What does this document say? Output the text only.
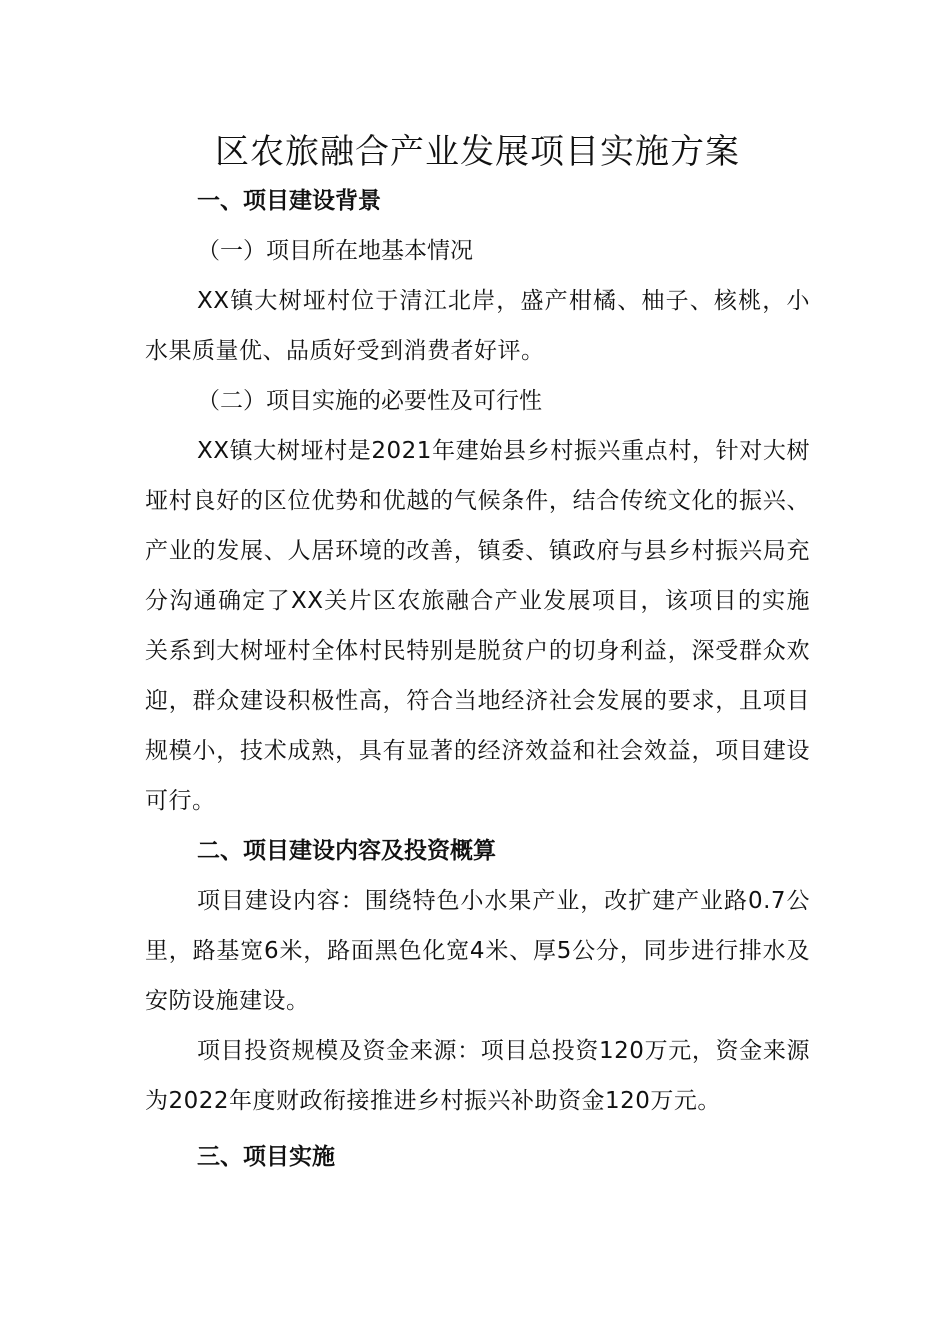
区农旅融合产业发展项目实施方案
一、项目建设背景
（一）项目所在地基本情况

XX镇大树垭村位于清江北岸，盛产柑橘、柚子、核桃，小水果质量优、品质好受到消费者好评。

（二）项目实施的必要性及可行性

XX镇大树垭村是2021年建始县乡村振兴重点村，针对大树垭村良好的区位优势和优越的气候条件，结合传统文化的振兴、产业的发展、人居环境的改善，镇委、镇政府与县乡村振兴局充分沟通确定了XX关片区农旅融合产业发展项目，该项目的实施关系到大树垭村全体村民特别是脱贫户的切身利益，深受群众欢迎，群众建设积极性高，符合当地经济社会发展的要求，且项目规模小，技术成熟，具有显著的经济效益和社会效益，项目建设可行。

二、项目建设内容及投资概算

项目建设内容：围绕特色小水果产业，改扩建产业路0.7公里，路基宽6米，路面黑色化宽4米、厚5公分，同步进行排水及安防设施建设。

项目投资规模及资金来源：项目总投资120万元，资金来源为2022年度财政衔接推进乡村振兴补助资金120万元。

三、项目实施
